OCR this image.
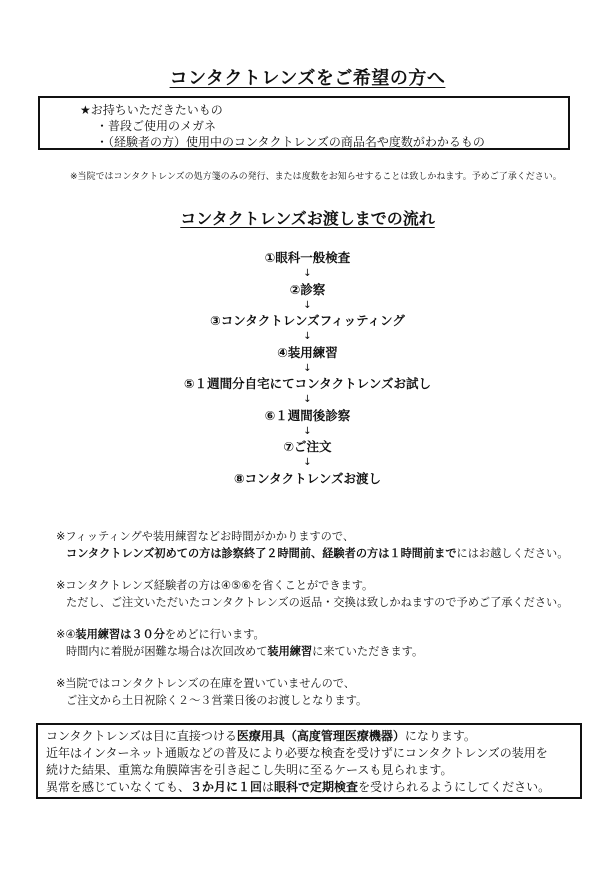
コンタクトレンズをご希望の方へ
★お持ちいただきたいもの
・普段ご使用のメガネ
・（経験者の方）使用中のコンタクトレンズの商品名や度数がわかるもの
※当院ではコンタクトレンズの処方箋のみの発行、または度数をお知らせすることは致しかねます。予めご了承ください。
コンタクトレンズお渡しまでの流れ
①眼科一般検査
↓
②診察
↓
③コンタクトレンズフィッティング
↓
④装用練習
↓
⑤１週間分自宅にてコンタクトレンズお試し
↓
⑥１週間後診察
↓
⑦ご注文
↓
⑧コンタクトレンズお渡し
※フィッティングや装用練習などお時間がかかりますので、
コンタクトレンズ初めての方は診察終了２時間前、経験者の方は１時間前までにはお越しください。
※コンタクトレンズ経験者の方は④⑤⑥を省くことができます。
ただし、ご注文いただいたコンタクトレンズの返品・交換は致しかねますので予めご了承ください。
※④装用練習は３０分をめどに行います。
時間内に着脱が困難な場合は次回改めて装用練習に来ていただきます。
※当院ではコンタクトレンズの在庫を置いていませんので、
ご注文から土日祝除く２～３営業日後のお渡しとなります。
コンタクトレンズは目に直接つける医療用具（高度管理医療機器）になります。
近年はインターネット通販などの普及により必要な検査を受けずにコンタクトレンズの装用を
続けた結果、重篤な角膜障害を引き起こし失明に至るケースも見られます。
異常を感じていなくても、３か月に１回は眼科で定期検査を受けられるようにしてください。
